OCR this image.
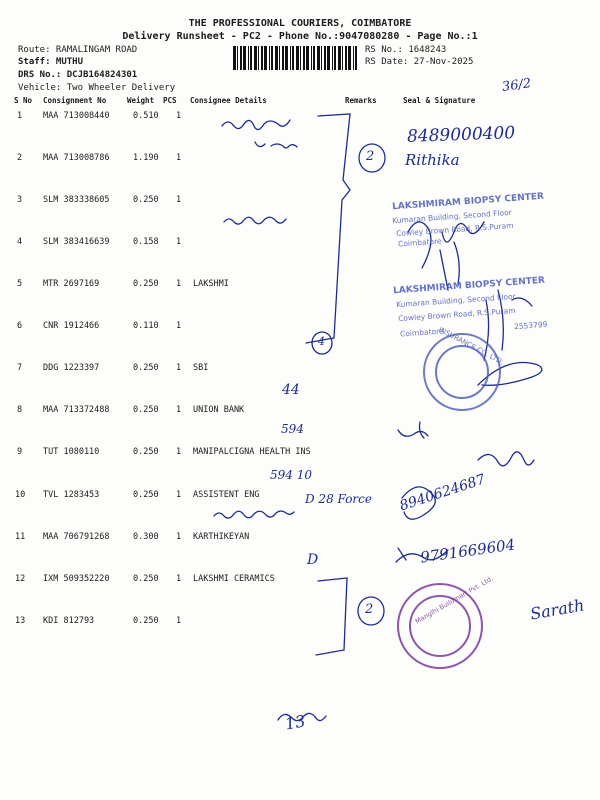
THE PROFESSIONAL COURIERS, COIMBATORE
Delivery Runsheet - PC2 - Phone No.:9047080280 - Page No.:1
Route: RAMALINGAM ROAD
Staff: MUTHU
DRS No.: DCJB164824301
Vehicle: Two Wheeler Delivery
RS No.: 1648243
RS Date: 27-Nov-2025
36/2
S No Consignment No	Weight PCS Consignee Details	Remarks	Seal & Signature
1 MAA 713008440	0.510 1
2 MAA 713008786	1.190 1
3 SLM 383338605	0.250 1
4 SLM 383416639	0.158 1
5 MTR 2697169	0.250 1 LAKSHMI
6 CNR 1912466	0.110 1
7 DDG 1223397	0.250 1 SBI
8 MAA 713372488	0.250 1 UNION BANK
9 TUT 1080110	0.250 1 MANIPALCIGNA HEALTH INS
10 TVL 1283453	0.250 1 ASSISTENT ENG
11 MAA 706791268	0.300 1 KARTHIKEYAN
12 IXM 509352220	0.250 1 LAKSHMI CERAMICS
13 KDI 812793	0.250 1
8489000400
Rithika
2
4
2
44
594
594 10
D 28 Force 8940624687
9791669604
D
13
Sarath
LAKSHMIRAM BIOPSY CENTER
Kumaran Building, Second Floor
Cowley Brown Road, R.S.Puram
Coimbatore
LAKSHMIRAM BIOPSY CENTER
Kumaran Building, Second Floor
Cowley Brown Road, R.S.Puram
2553799
Coimbatore
INSURANCE CO. LTD.
Manglhi Buildmart Pvt. Ltd.
